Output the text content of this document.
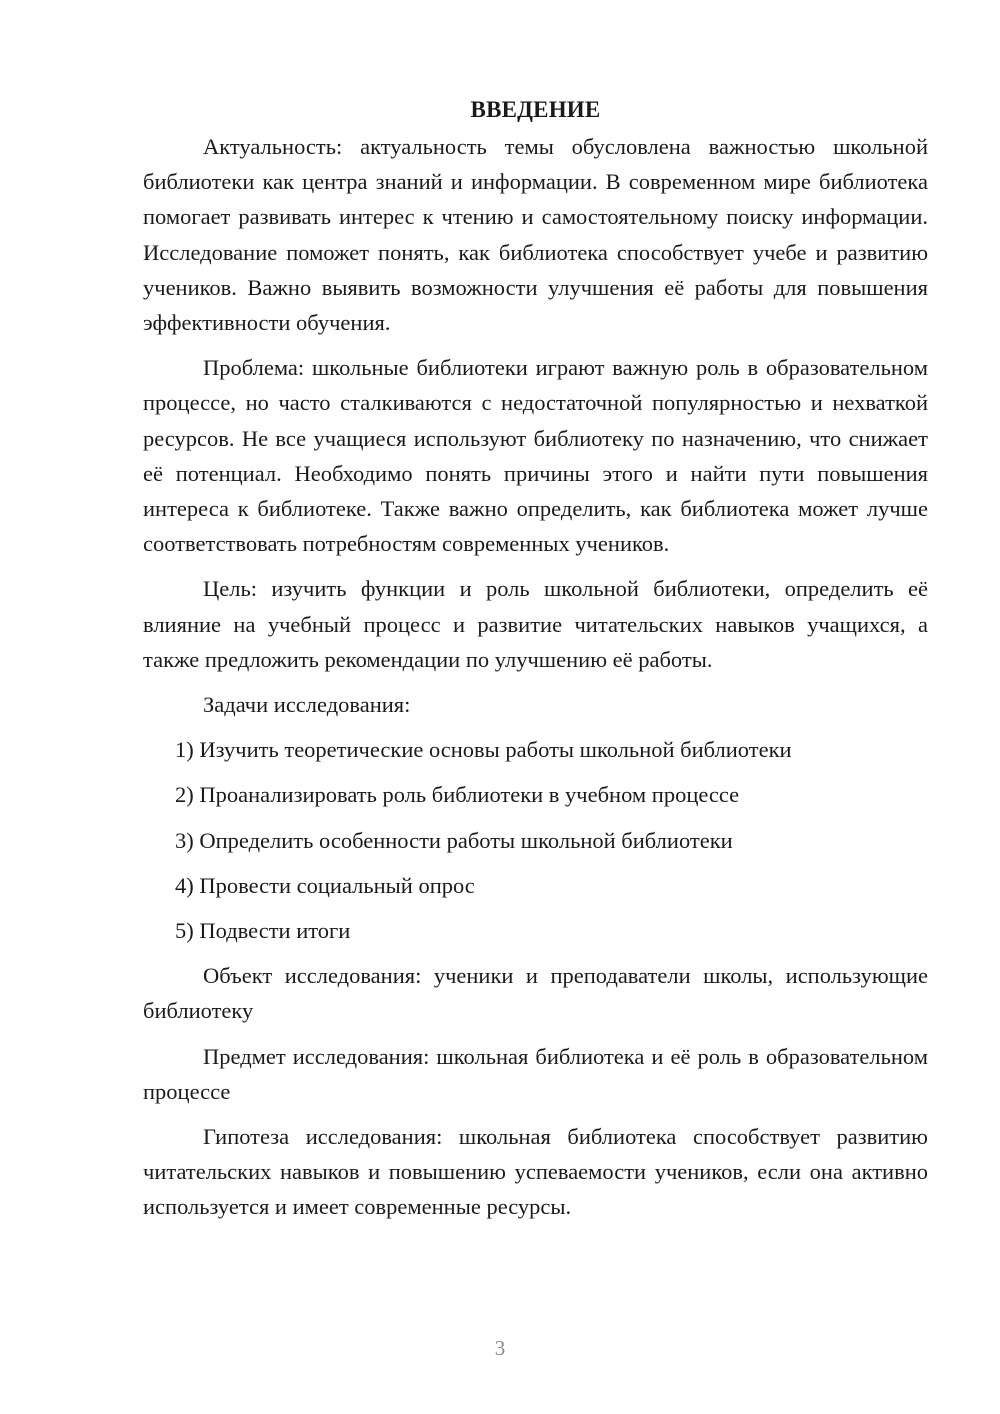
ВВЕДЕНИЕ

Актуальность: актуальность темы обусловлена важностью школьной библиотеки как центра знаний и информации. В современном мире библиотека помогает развивать интерес к чтению и самостоятельному поиску информации. Исследование поможет понять, как библиотека способствует учебе и развитию учеников. Важно выявить возможности улучшения её работы для повышения эффективности обучения.

Проблема: школьные библиотеки играют важную роль в образовательном процессе, но часто сталкиваются с недостаточной популярностью и нехваткой ресурсов. Не все учащиеся используют библиотеку по назначению, что снижает её потенциал. Необходимо понять причины этого и найти пути повышения интереса к библиотеке. Также важно определить, как библиотека может лучше соответствовать потребностям современных учеников.

Цель: изучить функции и роль школьной библиотеки, определить её влияние на учебный процесс и развитие читательских навыков учащихся, а также предложить рекомендации по улучшению её работы.

Задачи исследования:

1) Изучить теоретические основы работы школьной библиотеки
2) Проанализировать роль библиотеки в учебном процессе
3) Определить особенности работы школьной библиотеки
4) Провести социальный опрос
5) Подвести итоги

Объект исследования: ученики и преподаватели школы, использующие библиотеку

Предмет исследования: школьная библиотека и её роль в образовательном процессе

Гипотеза исследования: школьная библиотека способствует развитию читательских навыков и повышению успеваемости учеников, если она активно используется и имеет современные ресурсы.

3
